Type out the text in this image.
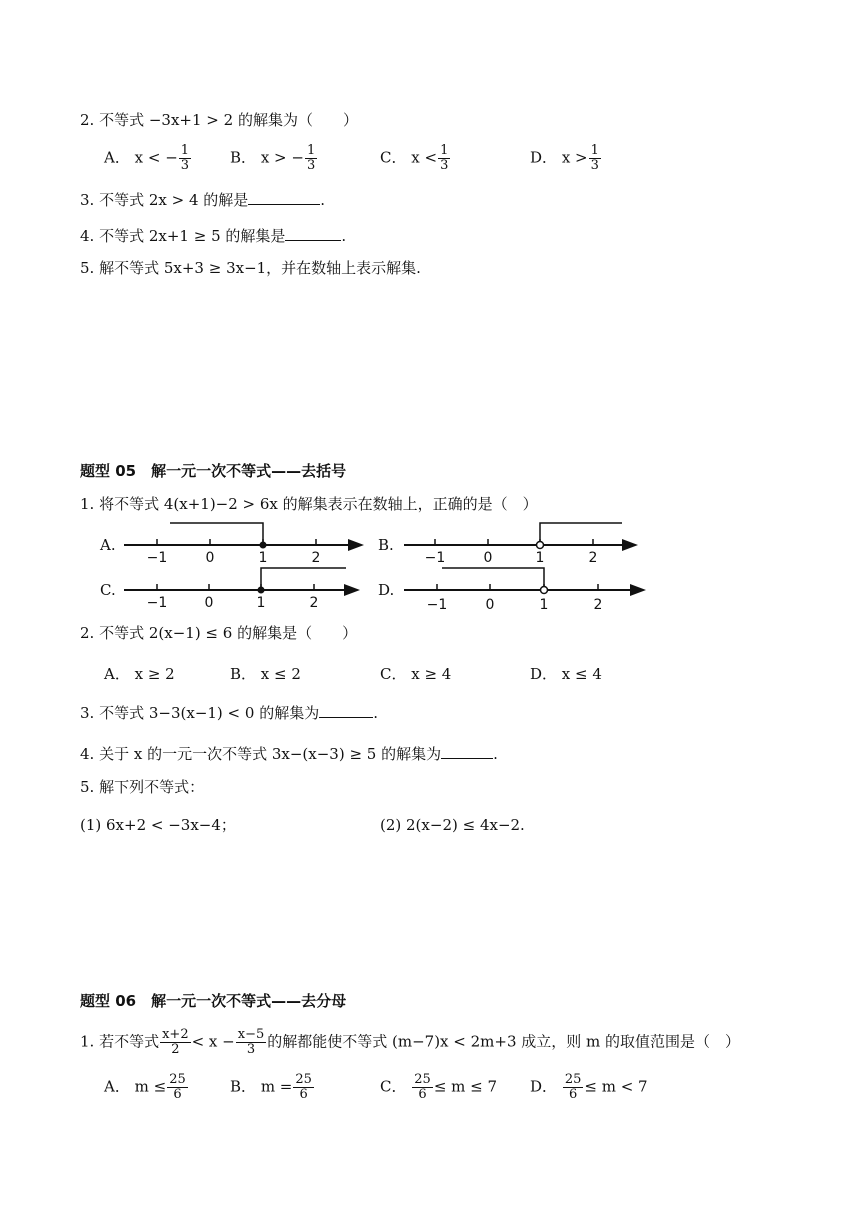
2. 不等式 −3x+1 > 2 的解集为（　　）
A． x < − $\frac{1}{3}$	B． x > − $\frac{1}{3}$	C． $x < \frac{1}{3}$	D． $x > \frac{1}{3}$
3. 不等式 2x > 4 的解是	.
4. 不等式 2x+1 ≥ 5 的解集是	.
5. 解不等式 5x+3 ≥ 3x−1，并在数轴上表示解集.
题型 05　解一元一次不等式——去括号
1. 将不等式 4(x+1)−2 > 6x 的解集表示在数轴上，正确的是（　）
A.
−1	0	1	2	−1	0	1	2
−1	0	1	2	−1	0	1	2
B.
C.	D.
2. 不等式 2(x−1) ≤ 6 的解集是（　　）
A． x ≥ 2	B． x ≤ 2	C． x ≥ 4	D． x ≤ 4
3. 不等式 3−3(x−1) < 0 的解集为	.
4. 关于 x 的一元一次不等式 3x−(x−3) ≥ 5 的解集为	.
5. 解下列不等式：
(1) 6x+2 < −3x−4；	(2) 2(x−2) ≤ 4x−2.
题型 06　解一元一次不等式——去分母
1. 若不等式 $\frac{x+2}{2} < x - \frac{x-5}{3}$ 的解都能使不等式 (m−7)x < 2m+3 成立，则 m 的取值范围是（　）
A． $m \le \frac{25}{6}$	B． $m = \frac{25}{6}$	C． $\frac{25}{6} \le m \le 7$ D． $\frac{25}{6} \le m < 7$
